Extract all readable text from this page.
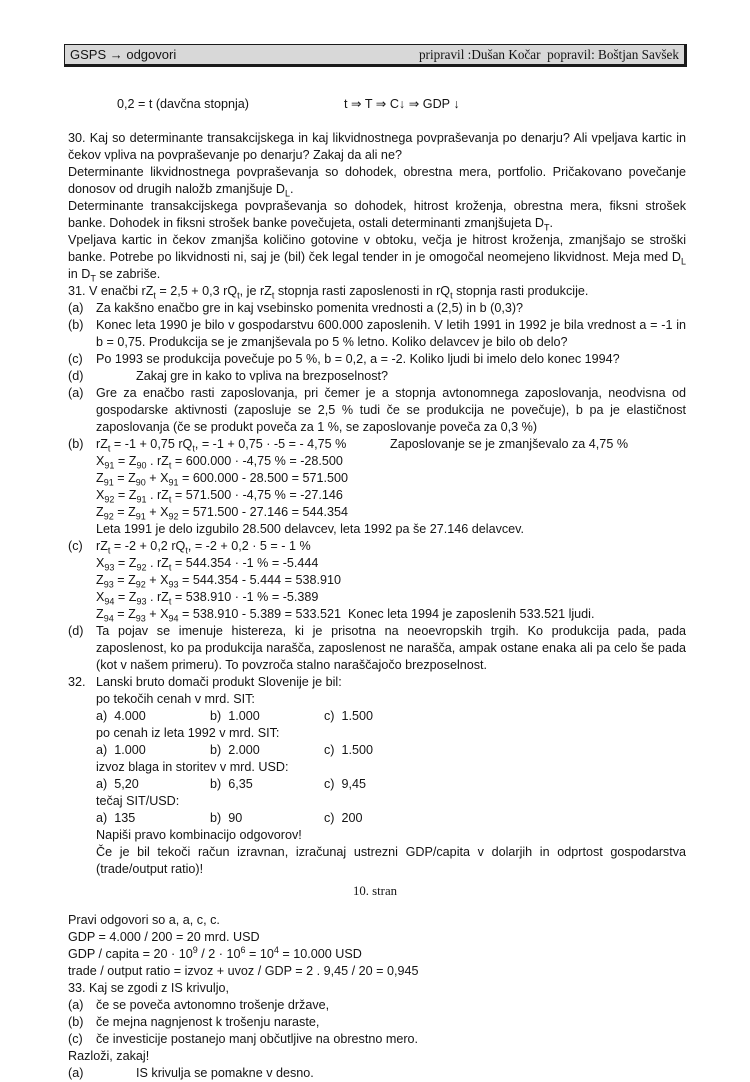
GSPS → odgovori	pripravil :Dušan Kočar  popravil: Boštjan Savšek

0,2 = t (davčna stopnja)	t ⇒ T ⇒ C↓ ⇒ GDP ↓

30. Kaj so determinante transakcijskega in kaj likvidnostnega povpraševanja po denarju? Ali vpeljava kartic in čekov vpliva na povpraševanje po denarju? Zakaj da ali ne?

Determinante likvidnostnega povpraševanja so dohodek, obrestna mera, portfolio. Pričakovano povečanje donosov od drugih naložb zmanjšuje $D_L$.

Determinante transakcijskega povpraševanja so dohodek, hitrost kroženja, obrestna mera, fiksni strošek banke. Dohodek in fiksni strošek banke povečujeta, ostali determinanti zmanjšujeta $D_T$.

Vpeljava kartic in čekov zmanjša količino gotovine v obtoku, večja je hitrost kroženja, zmanjšajo se stroški banke. Potrebe po likvidnosti ni, saj je (bil) ček legal tender in je omogočal neomejeno likvidnost. Meja med $D_L$ in $D_T$ se zabriše.

31. V enačbi $rZ_t = 2,5 + 0,3$ $rQ_t$, je $rZ_t$ stopnja rasti zaposlenosti in $rQ_t$ stopnja rasti produkcije.

(a) Za kakšno enačbo gre in kaj vsebinsko pomenita vrednosti a (2,5) in b (0,3)?
(b) Konec leta 1990 je bilo v gospodarstvu 600.000 zaposlenih. V letih 1991 in 1992 je bila vrednost a = -1 in b = 0,75. Produkcija se je zmanjševala po 5 % letno. Koliko delavcev je bilo ob delo?
(c) Po 1993 se produkcija povečuje po 5 %, b = 0,2, a = -2. Koliko ljudi bi imelo delo konec 1994?
(d)	Zakaj gre in kako to vpliva na brezposelnost?
(a) Gre za enačbo rasti zaposlovanja, pri čemer je a stopnja avtonomnega zaposlovanja, neodvisna od gospodarske aktivnosti (zaposluje se 2,5 % tudi če se produkcija ne povečuje), b pa je elastičnost zaposlovanja (če se produkt poveča za 1 %, se zaposlovanje poveča za 0,3 %)
(b) $rZ_t = -1 + 0,75$ $rQ_t$, = -1 + 0,75 · -5 = - 4,75 %	Zaposlovanje se je zmanjševalo za 4,75 %
$X_{91} = Z_{90}$ . $rZ_t = 600.000 \cdot -4,75$ % = -28.500
$Z_{91} = Z_{90} + X_{91} = 600.000 - 28.500 = 571.500$
$X_{92} = Z_{91}$ . $rZ_t = 571.500 \cdot -4,75$ % = -27.146
$Z_{92} = Z_{91} + X_{92} = 571.500 - 27.146 = 544.354$
Leta 1991 je delo izgubilo 28.500 delavcev, leta 1992 pa še 27.146 delavcev.
(c) $rZ_t = -2 + 0,2$ $rQ_t$, = -2 + 0,2 · 5 = - 1 %
$X_{93} = Z_{92}$ . $rZ_t = 544.354 \cdot -1$ % = -5.444
$Z_{93} = Z_{92} + X_{93} = 544.354 - 5.444 = 538.910$
$X_{94} = Z_{93}$ . $rZ_t = 538.910 \cdot -1$ % = -5.389
$Z_{94} = Z_{93} + X_{94} = 538.910 - 5.389 = 533.521$  Konec leta 1994 je zaposlenih 533.521 ljudi.
(d) Ta pojav se imenuje histereza, ki je prisotna na neoevropskih trgih. Ko produkcija pada, pada zaposlenost, ko pa produkcija narašča, zaposlenost ne narašča, ampak ostane enaka ali pa celo še pada (kot v našem primeru). To povzroča stalno naraščajočo brezposelnost.
32. Lanski bruto domači produkt Slovenije je bil:
po tekočih cenah v mrd. SIT:
a)  4.000	b)  1.000	c)  1.500
po cenah iz leta 1992 v mrd. SIT:
a)  1.000	b)  2.000	c)  1.500
izvoz blaga in storitev v mrd. USD:
a)  5,20	b)  6,35	c)  9,45
tečaj SIT/USD:
a)  135	b)  90	c)  200
Napiši pravo kombinacijo odgovorov!

Če je bil tekoči račun izravnan, izračunaj ustrezni GDP/capita v dolarjih in odprtost gospodarstva (trade/output ratio)!

Pravi odgovori so a, a, c, c.
GDP = 4.000 / 200 = 20 mrd. USD
GDP / capita = $20 \cdot 10^9 / 2 \cdot 10^6 = 10^4 = 10.000$ USD
trade / output ratio = izvoz + uvoz / GDP = 2 . 9,45 / 20 = 0,945
33. Kaj se zgodi z IS krivuljo,
(a) če se poveča avtonomno trošenje države,
(b) če mejna nagnjenost k trošenju naraste,
(c) če investicije postanejo manj občutljive na obrestno mero.
Razloži, zakaj!
(a)	IS krivulja se pomakne v desno.
10. stran
